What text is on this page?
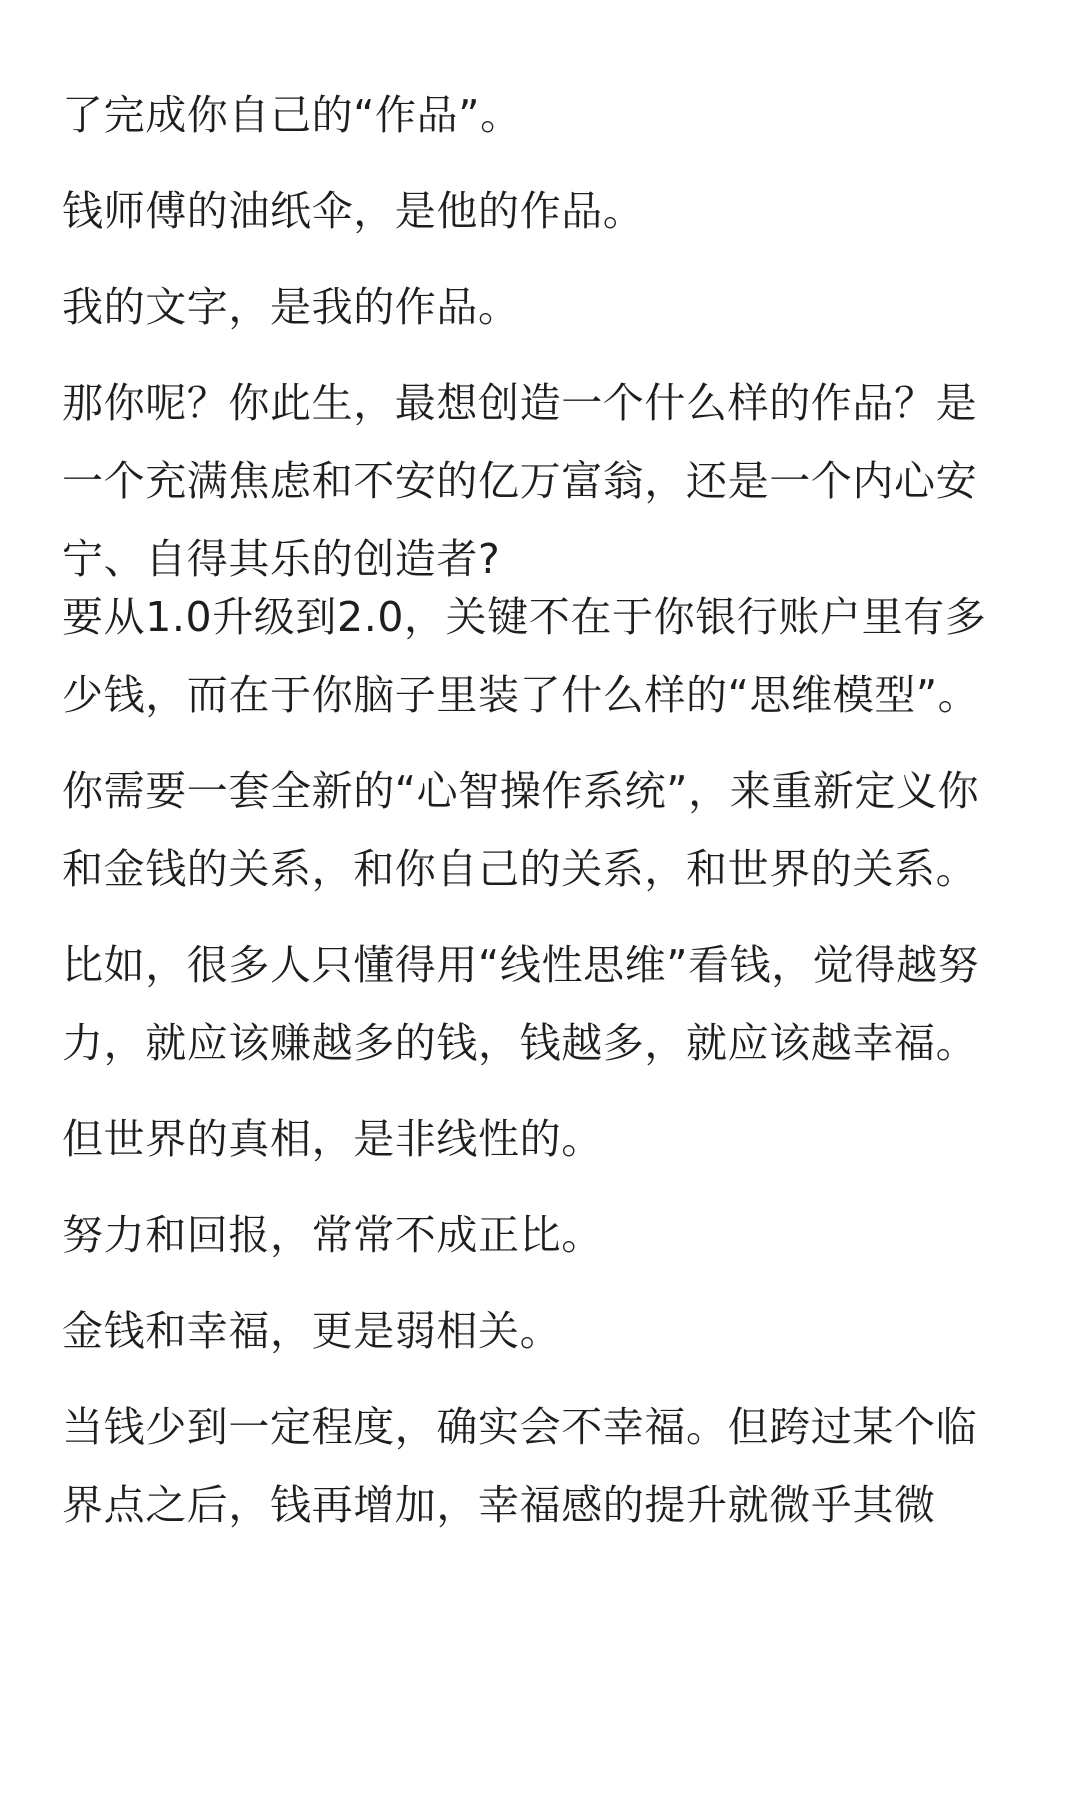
了完成你自己的“作品”。

钱师傅的油纸伞，是他的作品。

我的文字，是我的作品。

那你呢？你此生，最想创造一个什么样的作品？是
一个充满焦虑和不安的亿万富翁，还是一个内心安
宁、自得其乐的创造者?

要从1.0升级到2.0，关键不在于你银行账户里有多
少钱，而在于你脑子里装了什么样的“思维模型”。

你需要一套全新的“心智操作系统”，来重新定义你
和金钱的关系，和你自己的关系，和世界的关系。

比如，很多人只懂得用“线性思维”看钱，觉得越努
力，就应该赚越多的钱，钱越多，就应该越幸福。

但世界的真相，是非线性的。

努力和回报，常常不成正比。

金钱和幸福，更是弱相关。

当钱少到一定程度，确实会不幸福。但跨过某个临
界点之后，钱再增加，幸福感的提升就微乎其微
